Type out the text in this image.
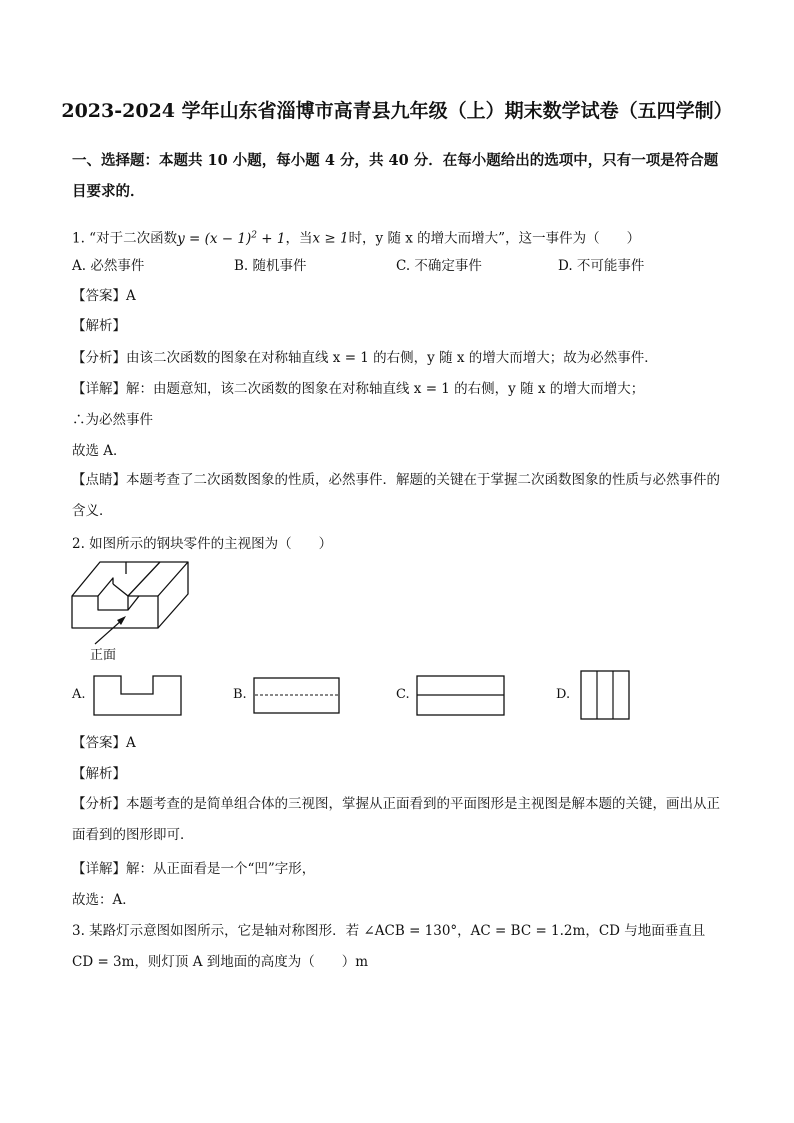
2023-2024 学年山东省淄博市高青县九年级（上）期末数学试卷（五四学制）
一、选择题：本题共 10 小题，每小题 4 分，共 40 分．在每小题给出的选项中，只有一项是符合题目要求的．
1. “对于二次函数$y = (x - 1)^2 + 1$，当x ≥ 1时，y 随 x 的增大而增大”，这一事件为（　　）
A. 必然事件	B. 随机事件	C. 不确定事件	D. 不可能事件
【答案】A
【解析】
【分析】由该二次函数的图象在对称轴直线 x = 1 的右侧，y 随 x 的增大而增大；故为必然事件．
【详解】解：由题意知，该二次函数的图象在对称轴直线 x = 1 的右侧，y 随 x 的增大而增大；
∴为必然事件
故选 A．
【点睛】本题考查了二次函数图象的性质，必然事件．解题的关键在于掌握二次函数图象的性质与必然事件的含义．
2. 如图所示的钢块零件的主视图为（　　）
正面
A.	B.	C.	D.
【答案】A
【解析】
【分析】本题考查的是简单组合体的三视图，掌握从正面看到的平面图形是主视图是解本题的关键，画出从正面看到的图形即可．
【详解】解：从正面看是一个“凹”字形，
故选：A．
3. 某路灯示意图如图所示，它是轴对称图形．若 ∠ACB = 130°，AC = BC = 1.2m，CD 与地面垂直且
CD = 3m，则灯顶 A 到地面的高度为（　　）m
